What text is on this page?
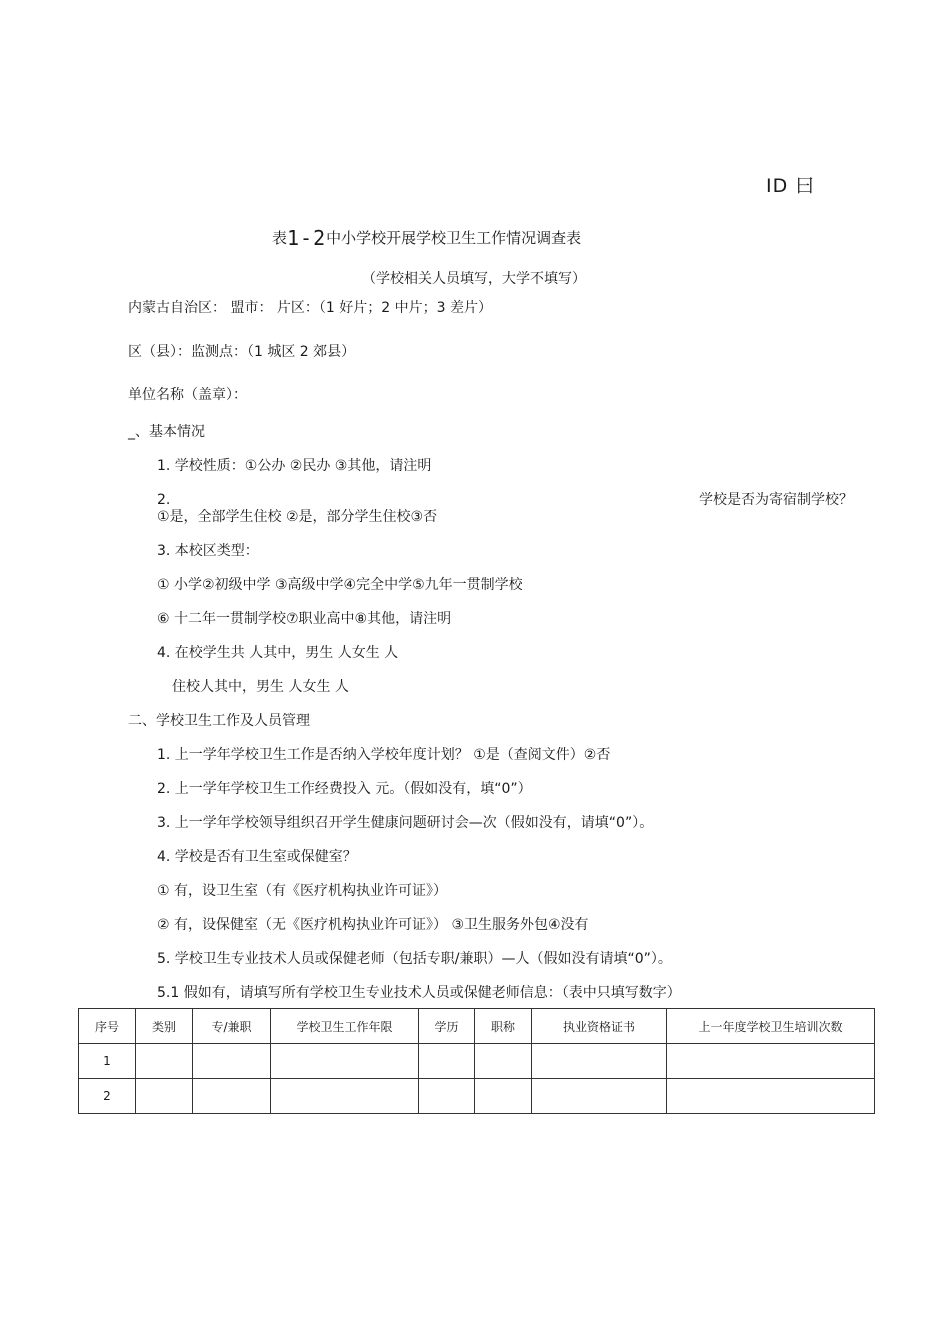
ID 曰
表1-2中小学校开展学校卫生工作情况调查表
（学校相关人员填写，大学不填写）
内蒙古自治区： 盟市： 片区：（1 好片；2 中片；3 差片）
区（县）：监测点：（1 城区 2 郊县）
单位名称（盖章）：
_、基本情况
1. 学校性质：①公办 ②民办 ③其他，请注明
2.	学校是否为寄宿制学校？
①是，全部学生住校 ②是，部分学生住校③否
3. 本校区类型：
① 小学②初级中学 ③高级中学④完全中学⑤九年一贯制学校
⑥ 十二年一贯制学校⑦职业高中⑧其他，请注明
4. 在校学生共 人其中，男生 人女生 人
住校人其中，男生 人女生 人
二、学校卫生工作及人员管理
1. 上一学年学校卫生工作是否纳入学校年度计划？ ①是（查阅文件）②否
2. 上一学年学校卫生工作经费投入 元。（假如没有，填“0”）
3. 上一学年学校领导组织召开学生健康问题研讨会—次（假如没有，请填“0”）。
4. 学校是否有卫生室或保健室？
① 有，设卫生室（有《医疗机构执业许可证》）
② 有，设保健室（无《医疗机构执业许可证》） ③卫生服务外包④没有
5. 学校卫生专业技术人员或保健老师（包括专职/兼职）—人（假如没有请填“0”）。
5.1 假如有，请填写所有学校卫生专业技术人员或保健老师信息：（表中只填写数字）
序号	类别	专/兼职	学校卫生工作年限	学历	职称	执业资格证书	上一年度学校卫生培训次数
1							
2							
